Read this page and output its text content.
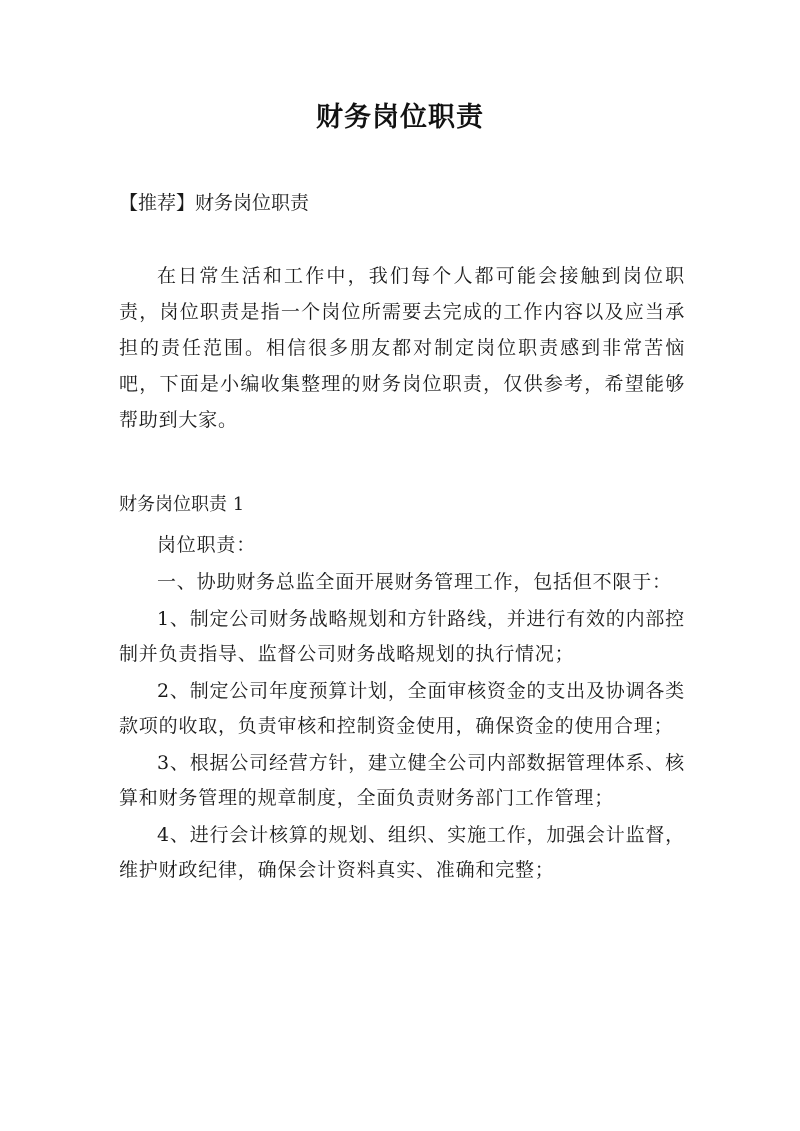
财务岗位职责
【推荐】财务岗位职责

在日常生活和工作中，我们每个人都可能会接触到岗位职责，岗位职责是指一个岗位所需要去完成的工作内容以及应当承担的责任范围。相信很多朋友都对制定岗位职责感到非常苦恼吧，下面是小编收集整理的财务岗位职责，仅供参考，希望能够帮助到大家。

财务岗位职责 1

岗位职责：

一、协助财务总监全面开展财务管理工作，包括但不限于：

1、制定公司财务战略规划和方针路线，并进行有效的内部控制并负责指导、监督公司财务战略规划的执行情况；

2、制定公司年度预算计划，全面审核资金的支出及协调各类款项的收取，负责审核和控制资金使用，确保资金的使用合理；

3、根据公司经营方针，建立健全公司内部数据管理体系、核算和财务管理的规章制度，全面负责财务部门工作管理；

4、进行会计核算的规划、组织、实施工作，加强会计监督，维护财政纪律，确保会计资料真实、准确和完整；
